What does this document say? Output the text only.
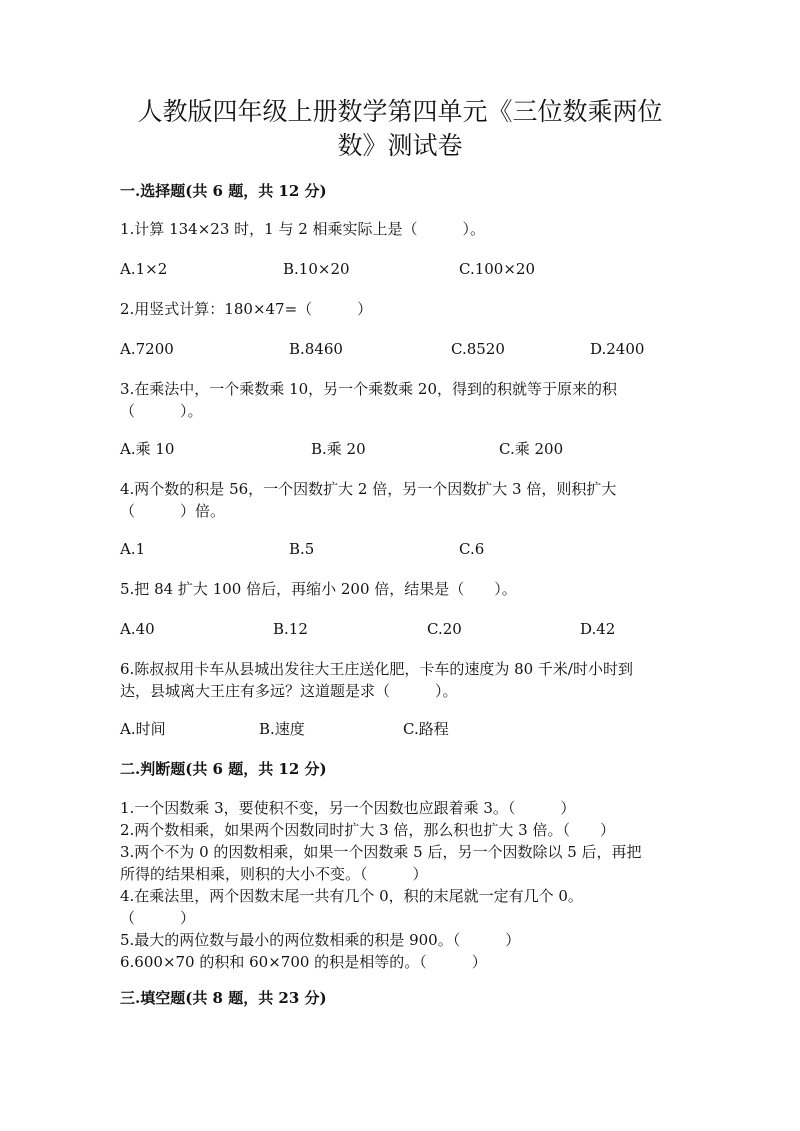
人教版四年级上册数学第四单元《三位数乘两位
数》测试卷
一.选择题(共 6 题，共 12 分)
1.计算 134×23 时，1 与 2 相乘实际上是（　　　）。
A.1×2	B.10×20	C.100×20
2.用竖式计算：180×47=（　　　）
A.7200	B.8460	C.8520	D.2400
3.在乘法中，一个乘数乘 10，另一个乘数乘 20，得到的积就等于原来的积
（　　　）。
A.乘 10	B.乘 20	C.乘 200
4.两个数的积是 56，一个因数扩大 2 倍，另一个因数扩大 3 倍，则积扩大
（　　　）倍。
A.1	B.5	C.6
5.把 84 扩大 100 倍后，再缩小 200 倍，结果是（　　）。
A.40	B.12	C.20	D.42
6.陈叔叔用卡车从县城出发往大王庄送化肥，卡车的速度为 80 千米/时小时到
达，县城离大王庄有多远？这道题是求（　　　）。
A.时间	B.速度	C.路程
二.判断题(共 6 题，共 12 分)
1.一个因数乘 3，要使积不变，另一个因数也应跟着乘 3。（　　　）
2.两个数相乘，如果两个因数同时扩大 3 倍，那么积也扩大 3 倍。（　　）
3.两个不为 0 的因数相乘，如果一个因数乘 5 后，另一个因数除以 5 后，再把
所得的结果相乘，则积的大小不变。（　　　）
4.在乘法里，两个因数末尾一共有几个 0，积的末尾就一定有几个 0。
（　　　）
5.最大的两位数与最小的两位数相乘的积是 900。（　　　）
6.600×70 的积和 60×700 的积是相等的。（　　　）
三.填空题(共 8 题，共 23 分)
